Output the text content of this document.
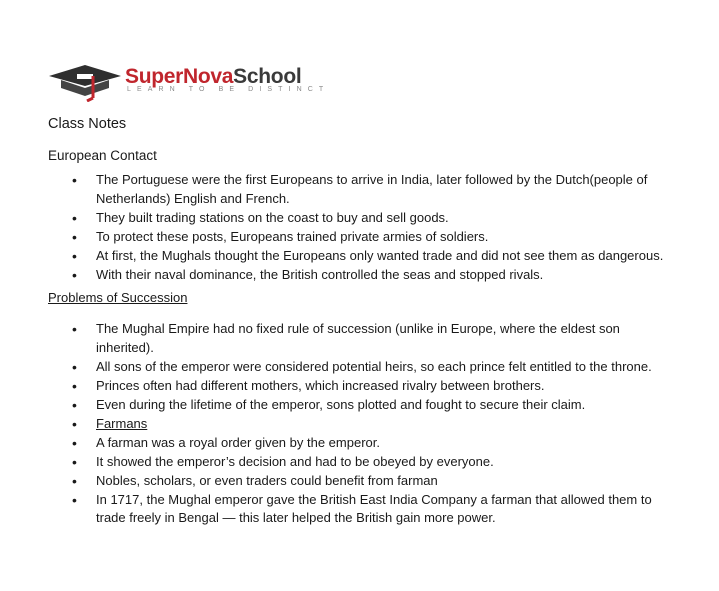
SuperNovaSchool
LEARN TO BE DISTINCT
Class Notes
European Contact
• The Portuguese were the first Europeans to arrive in India, later followed by the Dutch(people of Netherlands) English and French.
• They built trading stations on the coast to buy and sell goods.
• To protect these posts, Europeans trained private armies of soldiers.
• At first, the Mughals thought the Europeans only wanted trade and did not see them as dangerous.
• With their naval dominance, the British controlled the seas and stopped rivals.
Problems of Succession
• The Mughal Empire had no fixed rule of succession (unlike in Europe, where the eldest son inherited).
• All sons of the emperor were considered potential heirs, so each prince felt entitled to the throne.
• Princes often had different mothers, which increased rivalry between brothers.
• Even during the lifetime of the emperor, sons plotted and fought to secure their claim.
• Farmans
• A farman was a royal order given by the emperor.
• It showed the emperor’s decision and had to be obeyed by everyone.
• Nobles, scholars, or even traders could benefit from farman
• In 1717, the Mughal emperor gave the British East India Company a farman that allowed them to trade freely in Bengal — this later helped the British gain more power.
